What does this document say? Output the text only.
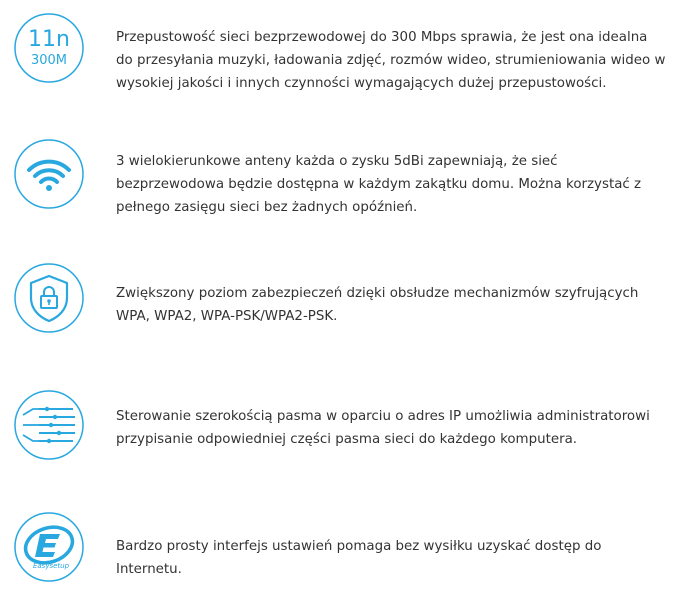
11n
300M

Przepustowość sieci bezprzewodowej do 300 Mbps sprawia, że jest ona idealna do przesyłania muzyki, ładowania zdjęć, rozmów wideo, strumieniowania wideo w wysokiej jakości i innych czynności wymagających dużej przepustowości.

3 wielokierunkowe anteny każda o zysku 5dBi zapewniają, że sieć bezprzewodowa będzie dostępna w każdym zakątku domu. Można korzystać z pełnego zasięgu sieci bez żadnych opóźnień.

Zwiększony poziom zabezpieczeń dzięki obsłudze mechanizmów szyfrujących WPA, WPA2, WPA-PSK/WPA2-PSK.

Sterowanie szerokością pasma w oparciu o adres IP umożliwia administratorowi przypisanie odpowiedniej części pasma sieci do każdego komputera.

Easysetup

Bardzo prosty interfejs ustawień pomaga bez wysiłku uzyskać dostęp do Internetu.
